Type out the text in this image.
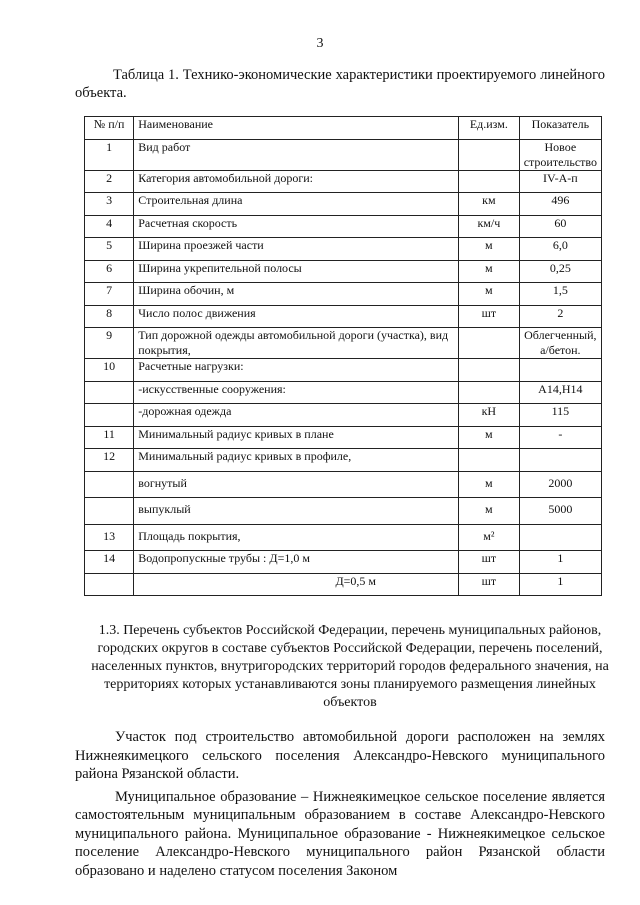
3
Таблица 1. Технико-экономические характеристики проектируемого линейного объекта.
№ п/п	Наименование	Ед.изм.	Показатель
1	Вид работ		Новое строительство
2	Категория автомобильной дороги:		IV-А-п
3	Строительная длина	км	496
4	Расчетная скорость	км/ч	60
5	Ширина проезжей части	м	6,0
6	Ширина укрепительной полосы	м	0,25
7	Ширина обочин, м	м	1,5
8	Число полос движения	шт	2
9	Тип дорожной одежды автомобильной дороги (участка), вид покрытия,		Облегченный, а/бетон.
10	Расчетные нагрузки:		
	-искусственные сооружения:		А14,Н14
	-дорожная одежда	кН	115
11	Минимальный радиус кривых в плане	м	-
12	Минимальный радиус кривых в профиле,		
	вогнутый	м	2000
	выпуклый	м	5000
13	Площадь покрытия,	м²	
14	Водопропускные трубы : Д=1,0 м	шт	1
	Д=0,5 м	шт	1
1.3. Перечень субъектов Российской Федерации, перечень муниципальных районов, городских округов в составе субъектов Российской Федерации, перечень поселений, населенных пунктов, внутригородских территорий городов федерального значения, на территориях которых устанавливаются зоны планируемого размещения линейных объектов

Участок под строительство автомобильной дороги расположен на землях Нижнеякимецкого сельского поселения Александро-Невского муниципального района Рязанской области.

Муниципальное образование – Нижнеякимецкое сельское поселение является самостоятельным муниципальным образованием в составе Александро-Невского муниципального района. Муниципальное образование - Нижнеякимецкое сельское поселение Александро-Невского муниципального район Рязанской области образовано и наделено статусом поселения Законом
